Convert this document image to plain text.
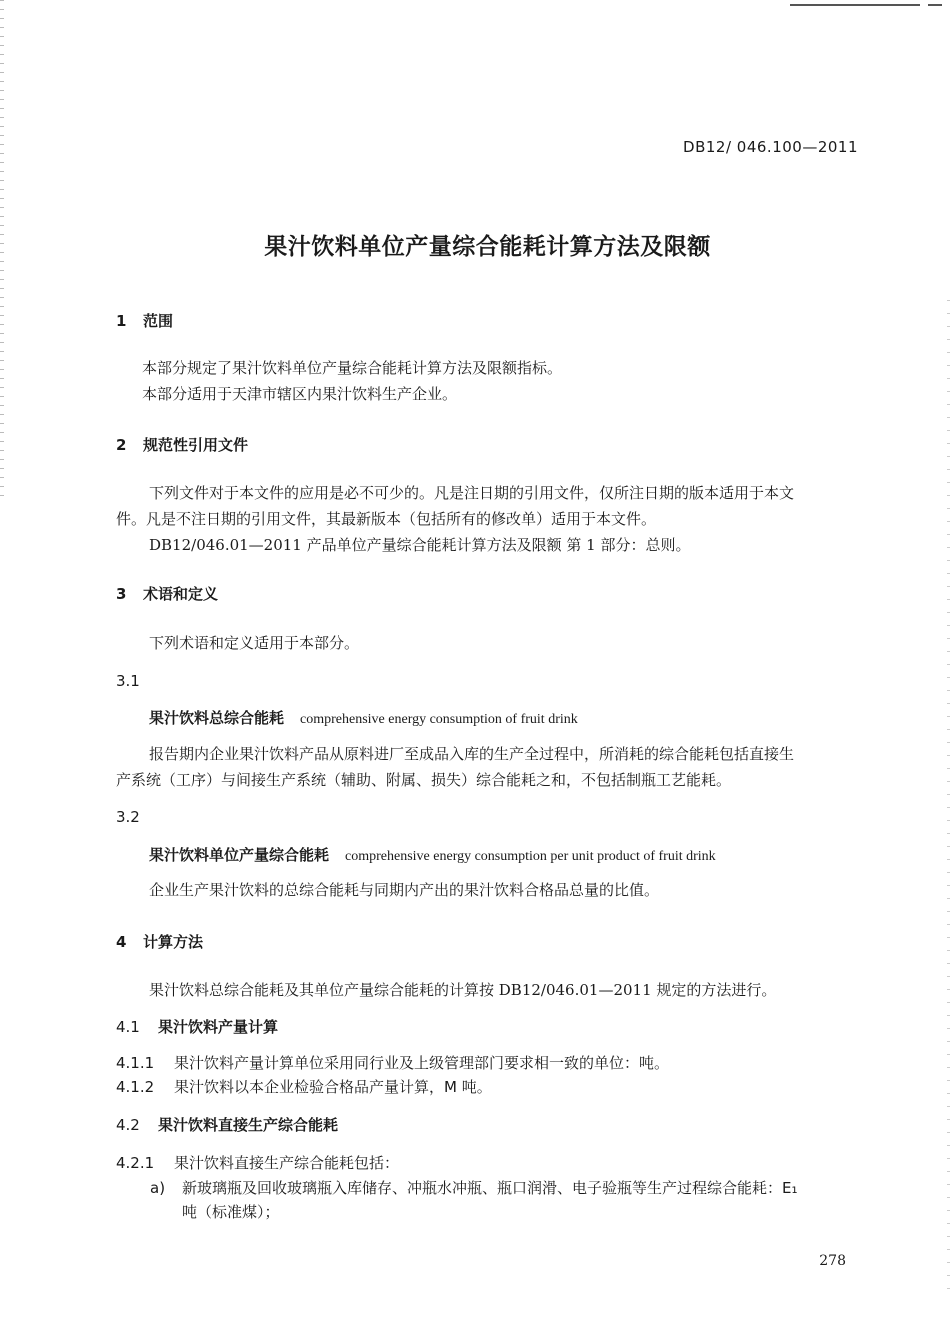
DB12/ 046.100—2011
果汁饮料单位产量综合能耗计算方法及限额
1 范围
本部分规定了果汁饮料单位产量综合能耗计算方法及限额指标。
本部分适用于天津市辖区内果汁饮料生产企业。
2 规范性引用文件
下列文件对于本文件的应用是必不可少的。凡是注日期的引用文件，仅所注日期的版本适用于本文
件。凡是不注日期的引用文件，其最新版本（包括所有的修改单）适用于本文件。
DB12/046.01—2011 产品单位产量综合能耗计算方法及限额 第 1 部分：总则。
3 术语和定义
下列术语和定义适用于本部分。
3.1
果汁饮料总综合能耗 comprehensive energy consumption of fruit drink
报告期内企业果汁饮料产品从原料进厂至成品入库的生产全过程中，所消耗的综合能耗包括直接生
产系统（工序）与间接生产系统（辅助、附属、损失）综合能耗之和，不包括制瓶工艺能耗。
3.2
果汁饮料单位产量综合能耗 comprehensive energy consumption per unit product of fruit drink
企业生产果汁饮料的总综合能耗与同期内产出的果汁饮料合格品总量的比值。
4 计算方法
果汁饮料总综合能耗及其单位产量综合能耗的计算按 DB12/046.01—2011 规定的方法进行。
4.1 果汁饮料产量计算
4.1.1 果汁饮料产量计算单位采用同行业及上级管理部门要求相一致的单位：吨。
4.1.2 果汁饮料以本企业检验合格品产量计算，M 吨。
4.2 果汁饮料直接生产综合能耗
4.2.1 果汁饮料直接生产综合能耗包括：
a) 新玻璃瓶及回收玻璃瓶入库储存、冲瓶水冲瓶、瓶口润滑、电子验瓶等生产过程综合能耗：E₁
吨（标准煤）；
278
